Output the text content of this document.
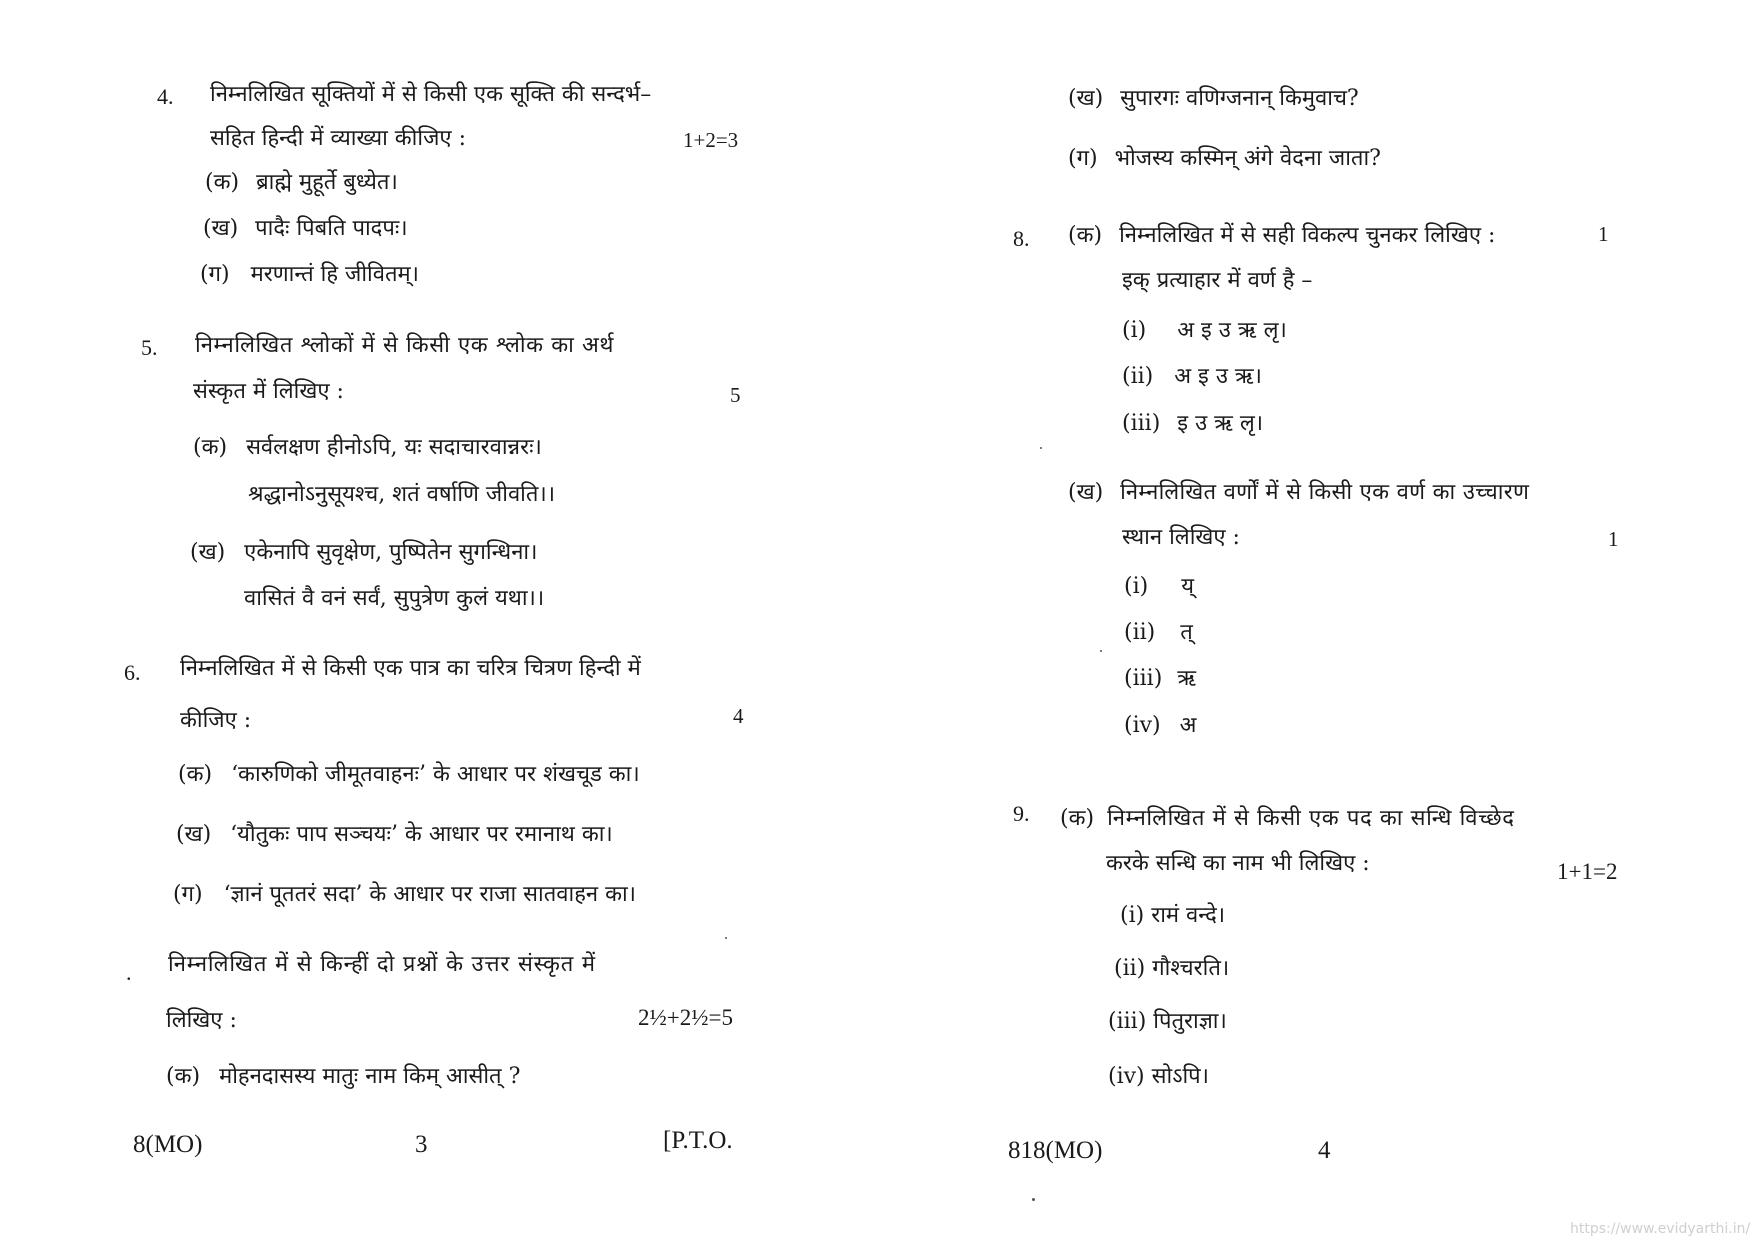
4. निम्नलिखित सूक्तियों में से किसी एक सूक्ति की सन्दर्भ–
सहित हिन्दी में व्याख्या कीजिए :	1+2=3
(क) ब्राह्मे मुहूर्ते बुध्येत।
(ख) पादैः पिबति पादपः।
(ग) मरणान्तं हि जीवितम्।
5. निम्नलिखित श्लोकों में से किसी एक श्लोक का अर्थ
संस्कृत में लिखिए :	5
(क) सर्वलक्षण हीनोऽपि, यः सदाचारवान्नरः।
श्रद्धानोऽनुसूयश्च, शतं वर्षाणि जीवति।।
(ख) एकेनापि सुवृक्षेण, पुष्पितेन सुगन्धिना।
वासितं वै वनं सर्वं, सुपुत्रेण कुलं यथा।।
6. निम्नलिखित में से किसी एक पात्र का चरित्र चित्रण हिन्दी में
कीजिए :	4
(क) ‘कारुणिको जीमूतवाहनः’ के आधार पर शंखचूड का।
(ख) ‘यौतुकः पाप सञ्चयः’ के आधार पर रमानाथ का।
(ग) ‘ज्ञानं पूततरं सदा’ के आधार पर राजा सातवाहन का।
. निम्नलिखित में से किन्हीं दो प्रश्नों के उत्तर संस्कृत में
लिखिए :	2½+2½=5
(क) मोहनदासस्य मातुः नाम किम् आसीत् ?
8(MO)	3	[P.T.O.
(ख) सुपारगः वणिग्जनान् किमुवाच?
(ग) भोजस्य कस्मिन् अंगे वेदना जाता?
8. (क) निम्नलिखित में से सही विकल्प चुनकर लिखिए :	1
इक् प्रत्याहार में वर्ण है –
(i) अ इ उ ऋ लृ।
(ii) अ इ उ ऋ।
(iii) इ उ ऋ लृ।
(ख) निम्नलिखित वर्णों में से किसी एक वर्ण का उच्चारण
स्थान लिखिए :	1
(i) य्
(ii) त्
(iii) ऋ
(iv) अ
9. (क) निम्नलिखित में से किसी एक पद का सन्धि विच्छेद
करके सन्धि का नाम भी लिखिए :	1+1=2
(i) रामं वन्दे।
(ii) गौश्चरति।
(iii) पितुराज्ञा।
(iv) सोऽपि।
818(MO)	4
https://www.evidyarthi.in/
